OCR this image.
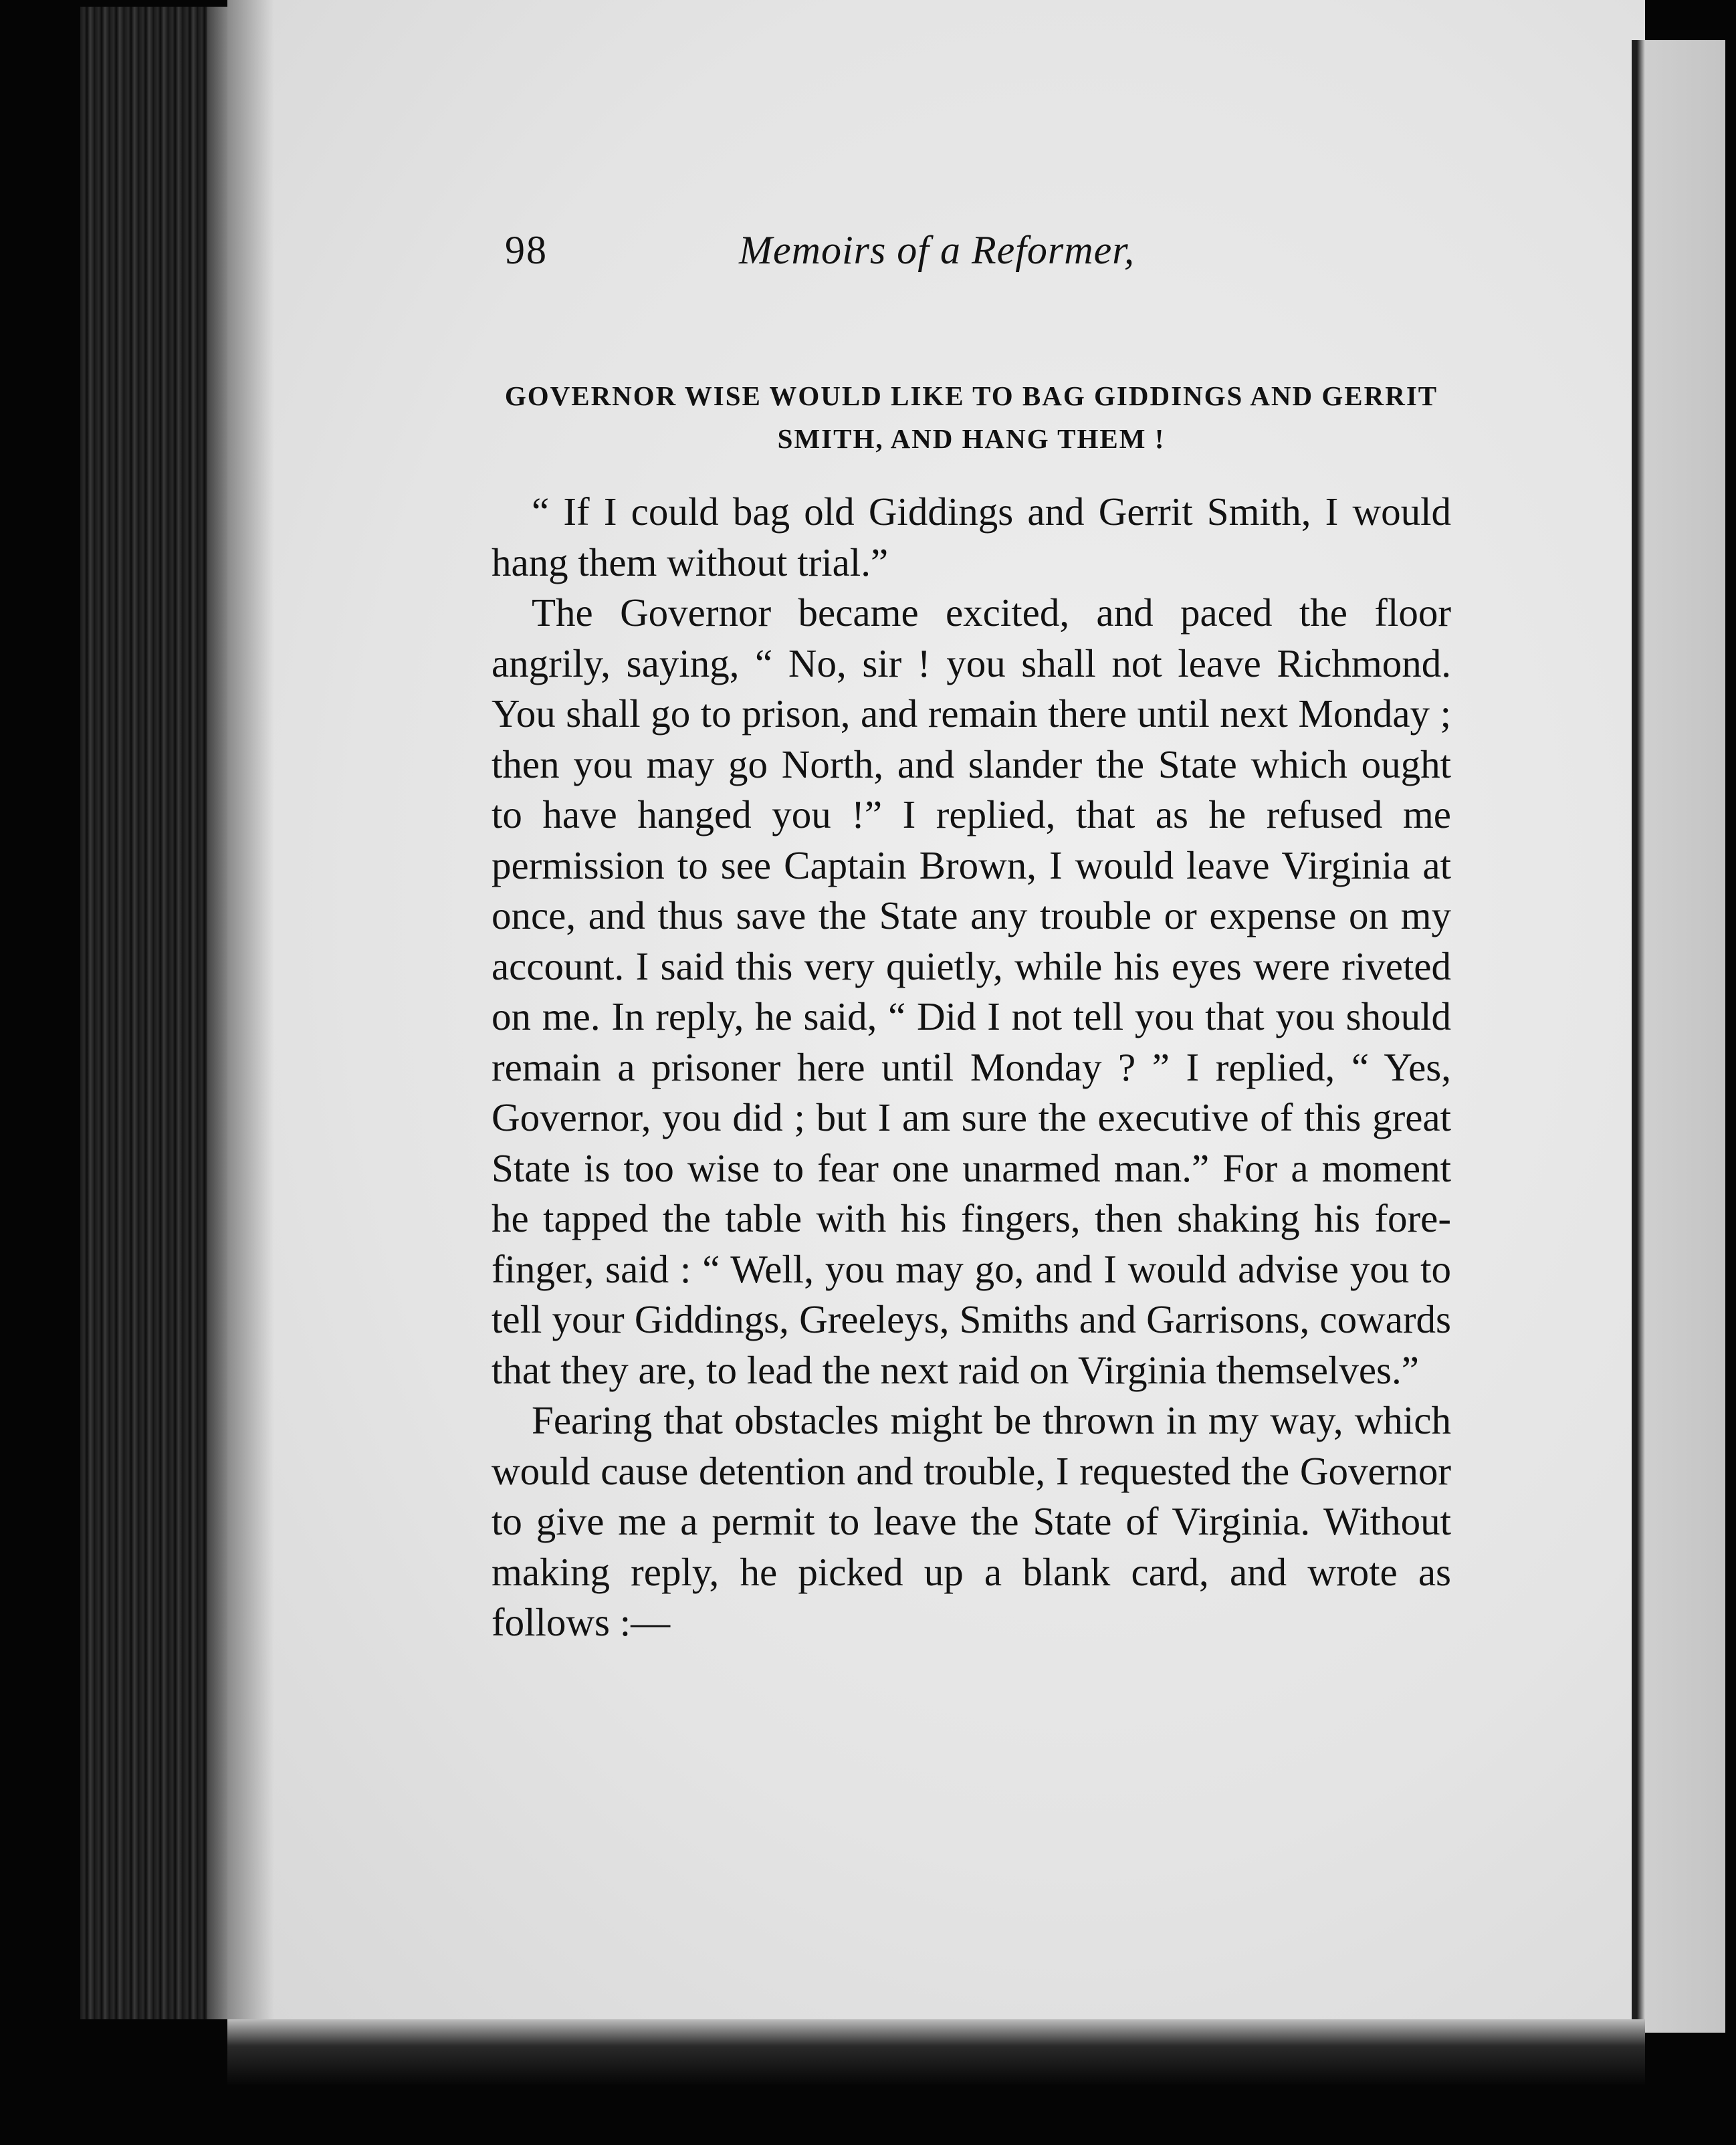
98	Memoirs of a Reformer,
GOVERNOR WISE WOULD LIKE TO BAG GIDDINGS AND GERRIT SMITH, AND HANG THEM !

“ If I could bag old Giddings and Gerrit Smith, I would hang them without trial.”

The Governor became excited, and paced the floor angrily, saying, “ No, sir ! you shall not leave Richmond. You shall go to prison, and remain there until next Monday ; then you may go North, and slander the State which ought to have hanged you !” I replied, that as he refused me permission to see Captain Brown, I would leave Virginia at once, and thus save the State any trouble or expense on my account. I said this very quietly, while his eyes were riveted on me. In reply, he said, “ Did I not tell you that you should remain a prisoner here until Monday ? ” I replied, “ Yes, Governor, you did ; but I am sure the executive of this great State is too wise to fear one unarmed man.” For a moment he tapped the table with his fingers, then shaking his fore-finger, said : “ Well, you may go, and I would advise you to tell your Giddings, Greeleys, Smiths and Garrisons, cowards that they are, to lead the next raid on Virginia themselves.”

Fearing that obstacles might be thrown in my way, which would cause detention and trouble, I requested the Governor to give me a permit to leave the State of Virginia. Without making reply, he picked up a blank card, and wrote as follows :—
